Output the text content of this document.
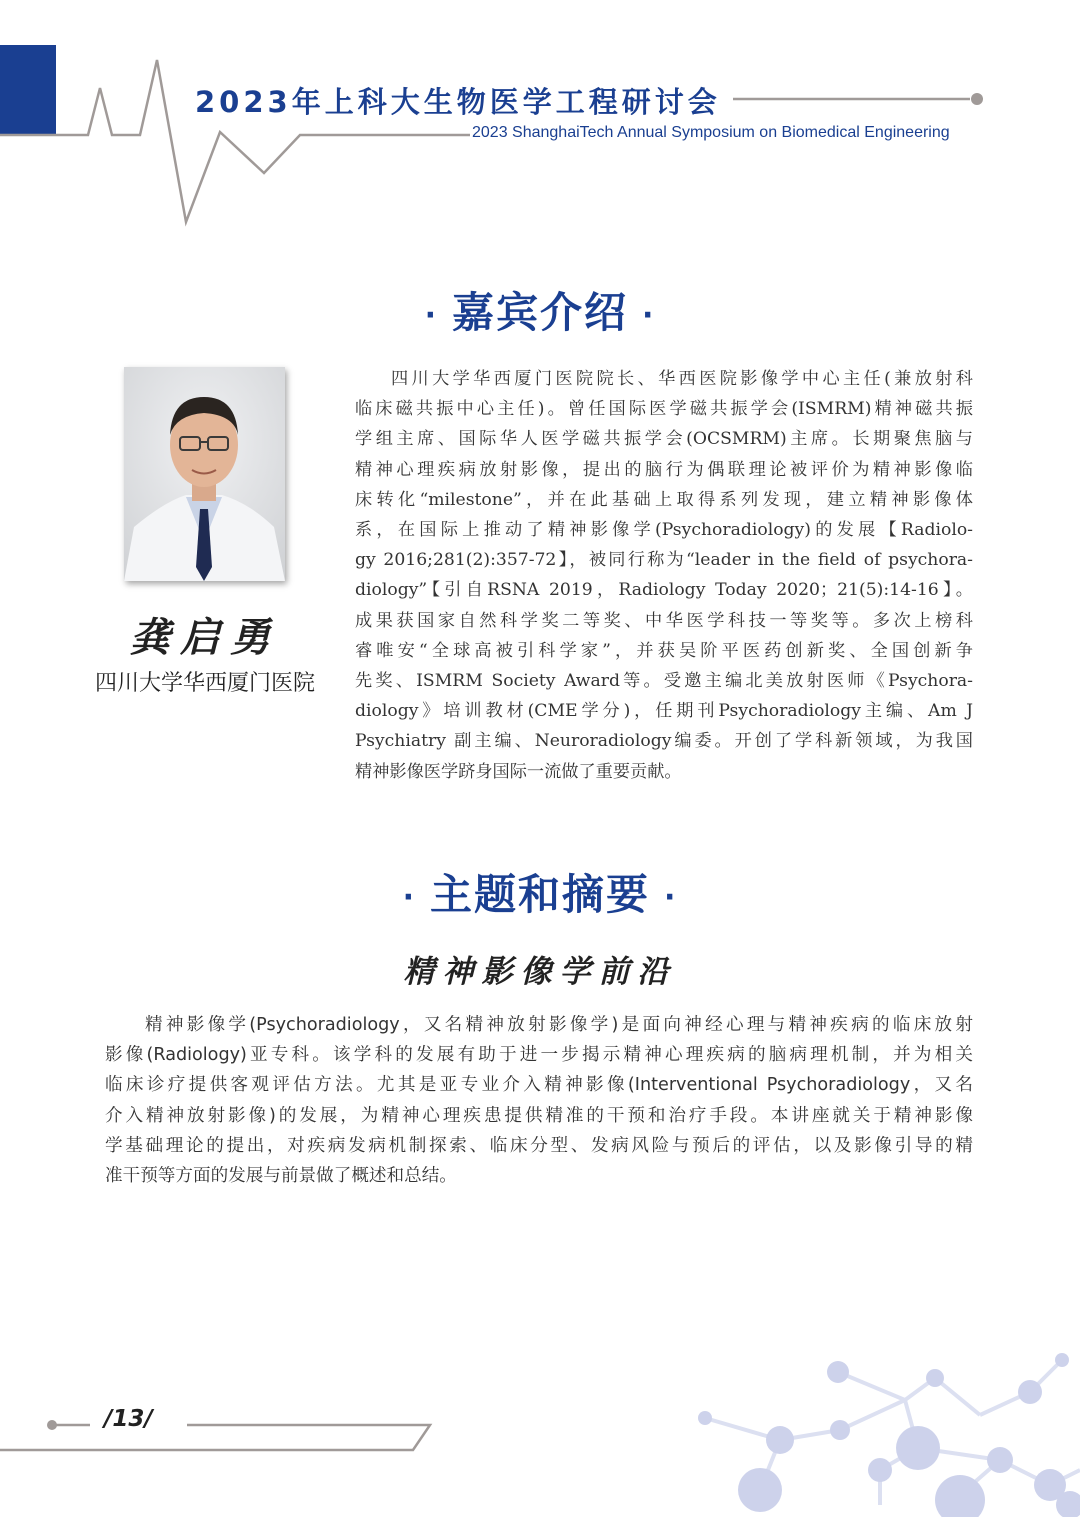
2023年上科大生物医学工程研讨会
2023 ShanghaiTech Annual Symposium on Biomedical Engineering
· 嘉宾介绍 ·
龚启勇
四川大学华西厦门医院
四川大学华西厦门医院院长、华西医院影像学中心主任(兼放射科
临床磁共振中心主任)。曾任国际医学磁共振学会(ISMRM)精神磁共振
学组主席、国际华人医学磁共振学会(OCSMRM)主席。长期聚焦脑与
精神心理疾病放射影像，提出的脑行为偶联理论被评价为精神影像临
床转化“milestone”，并在此基础上取得系列发现，建立精神影像体
系，在国际上推动了精神影像学(Psychoradiology)的发展【Radiolo-
gy 2016;281(2):357-72】，被同行称为“leader in the field of psychora-
diology”【引自RSNA 2019，Radiology Today 2020；21(5):14-16】。
成果获国家自然科学奖二等奖、中华医学科技一等奖等。多次上榜科
睿唯安“全球高被引科学家”，并获吴阶平医药创新奖、全国创新争
先奖、ISMRM Society Award等。受邀主编北美放射医师《Psychora-
diology》培训教材(CME学分)，任期刊Psychoradiology主编、Am J
Psychiatry 副主编、Neuroradiology编委。开创了学科新领域，为我国
精神影像医学跻身国际一流做了重要贡献。
· 主题和摘要 ·
精神影像学前沿
精神影像学(Psychoradiology，又名精神放射影像学)是面向神经心理与精神疾病的临床放射
影像(Radiology)亚专科。该学科的发展有助于进一步揭示精神心理疾病的脑病理机制，并为相关
临床诊疗提供客观评估方法。尤其是亚专业介入精神影像(Interventional Psychoradiology，又名
介入精神放射影像)的发展，为精神心理疾患提供精准的干预和治疗手段。本讲座就关于精神影像
学基础理论的提出，对疾病发病机制探索、临床分型、发病风险与预后的评估，以及影像引导的精
准干预等方面的发展与前景做了概述和总结。
/13/
